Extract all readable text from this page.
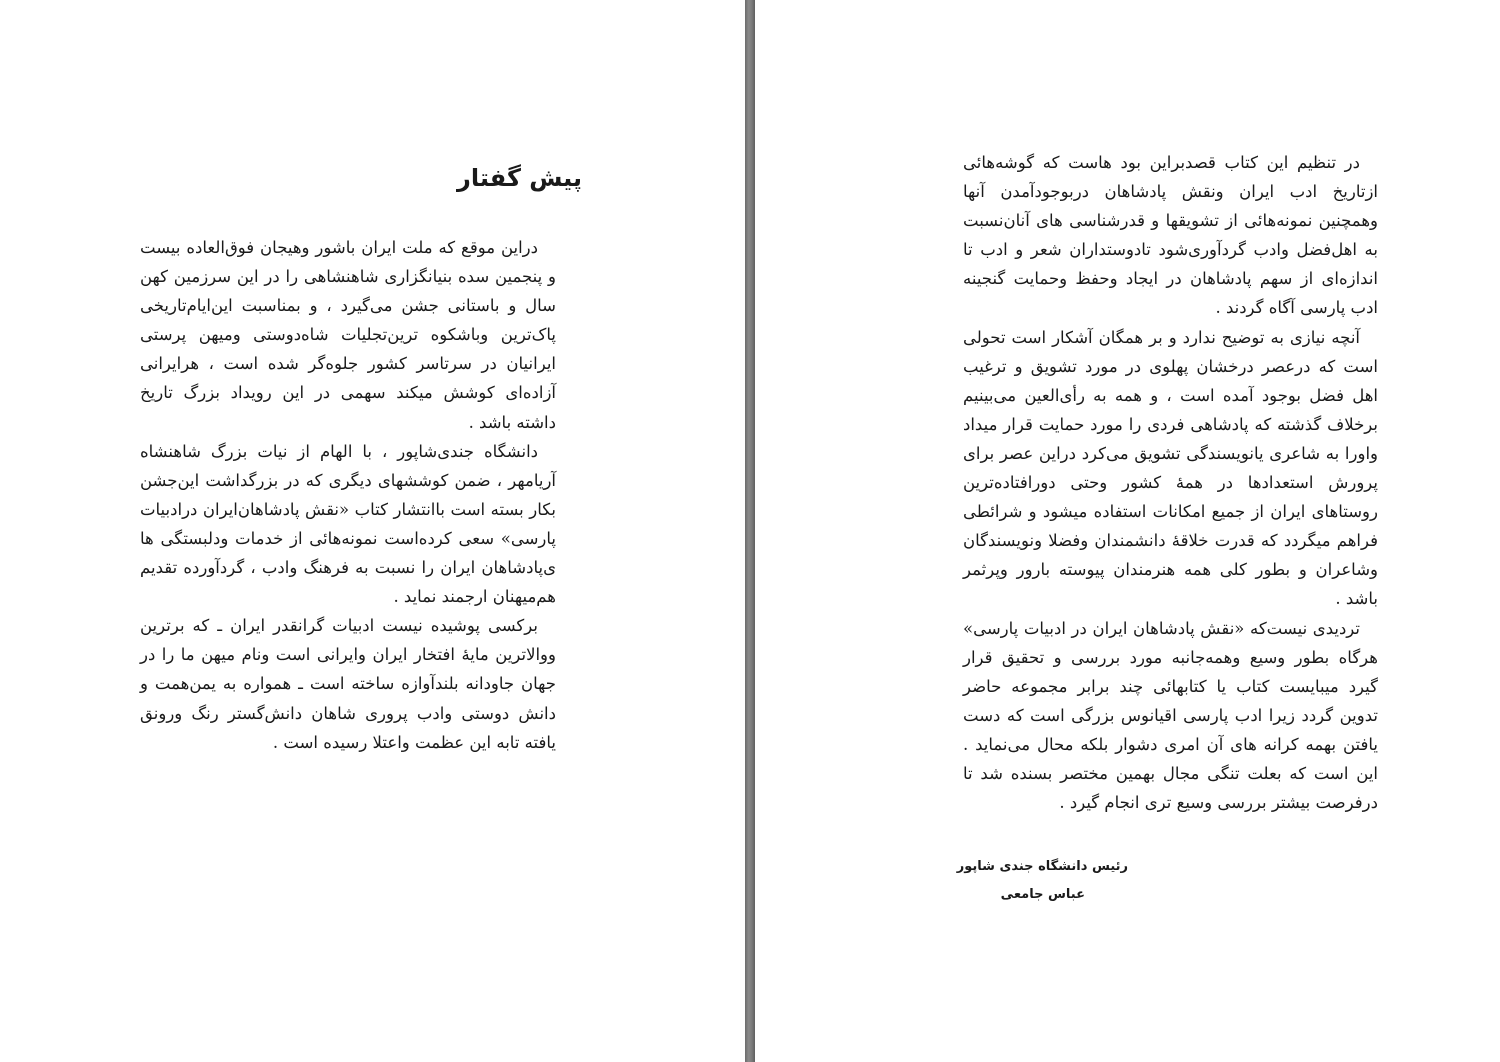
پیش گفتار

دراین موقع که ملت ایران باشور وهیجان فوق‌العاده بیست و پنجمین سده بنیانگزاری شاهنشاهی را در این سرزمین کهن سال و باستانی جشن می‌گیرد ، و بمناسبت این‌ایام‌تاریخی پاک‌ترین وباشکوه ترین‌تجلیات شاه‌دوستی ومیهن پرستی ایرانیان در سرتاسر کشور جلوه‌گر شده است ، هرایرانی آزاده‌ای کوشش میکند سهمی در این رویداد بزرگ تاریخ داشته باشد .

دانشگاه جندی‌شاپور ، با الهام از نیات بزرگ شاهنشاه آریامهر ، ضمن کوششهای دیگری که در بزرگداشت این‌جشن بکار بسته است باانتشار کتاب «نقش پادشاهان‌ایران درادبیات پارسی» سعی کرده‌است نمونه‌هائی از خدمات ودلبستگی ها ی‌پادشاهان ایران را نسبت به فرهنگ وادب ، گردآورده تقدیم هم‌میهنان ارجمند نماید .

برکسی پوشیده نیست ادبیات گرانقدر ایران ـ که برترین ووالاترین مایهٔ افتخار ایران وایرانی است ونام میهن ما را در جهان جاودانه بلندآوازه ساخته است ـ همواره به یمن‌همت و دانش دوستی وادب پروری شاهان دانش‌گستر رنگ ورونق یافته تابه این عظمت واعتلا رسیده است .

در تنظیم این کتاب قصدبراین بود هاست که گوشه‌هائی ازتاریخ ادب ایران ونقش پادشاهان دربوجودآمدن آنها وهمچنین نمونه‌هائی از تشویقها و قدرشناسی های آنان‌نسبت به اهل‌فضل وادب گردآوری‌شود تادوستداران شعر و ادب تا اندازه‌ای از سهم پادشاهان در ایجاد وحفظ وحمایت گنجینه ادب پارسی آگاه گردند .

آنچه نیازی به توضیح ندارد و بر همگان آشکار است تحولی است که درعصر درخشان پهلوی در مورد تشویق و ترغیب اهل فضل بوجود آمده است ، و همه به رأی‌العین می‌بینیم برخلاف گذشته که پادشاهی فردی را مورد حمایت قرار میداد واورا به شاعری یانویسندگی تشویق می‌کرد دراین عصر برای پرورش استعدادها در همهٔ کشور وحتی دورافتاده‌ترین روستاهای ایران از جمیع امکانات استفاده میشود و شرائطی فراهم میگردد که قدرت خلاقهٔ دانشمندان وفضلا ونویسندگان وشاعران و بطور کلی همه هنرمندان پیوسته بارور وپرثمر باشد .

تردیدی نیست‌که «نقش پادشاهان ایران در ادبیات پارسی» هرگاه بطور وسیع وهمه‌جانبه مورد بررسی و تحقیق قرار گیرد میبایست کتاب یا کتابهائی چند برابر مجموعه حاضر تدوین گردد زیرا ادب پارسی اقیانوس بزرگی است که دست یافتن بهمه کرانه های آن امری دشوار بلکه محال می‌نماید . این است که بعلت تنگی مجال بهمین مختصر بسنده شد تا درفرصت بیشتر بررسی وسیع تری انجام گیرد .

رئیس دانشگاه جندی شاپور
عباس جامعی
